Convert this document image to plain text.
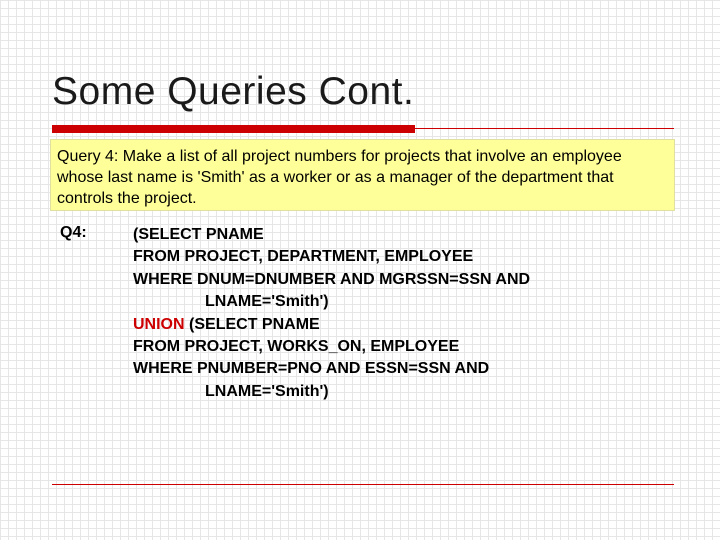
Some Queries Cont.
Query 4: Make a list of all project numbers for projects that involve an employee whose last name is 'Smith' as a worker or as a manager of the department that controls the project.
Q4:	(SELECT PNAME
FROM PROJECT, DEPARTMENT, EMPLOYEE
WHERE DNUM=DNUMBER AND MGRSSN=SSN AND
LNAME='Smith')
UNION (SELECT PNAME
FROM PROJECT, WORKS_ON, EMPLOYEE
WHERE PNUMBER=PNO AND ESSN=SSN AND
LNAME='Smith')
